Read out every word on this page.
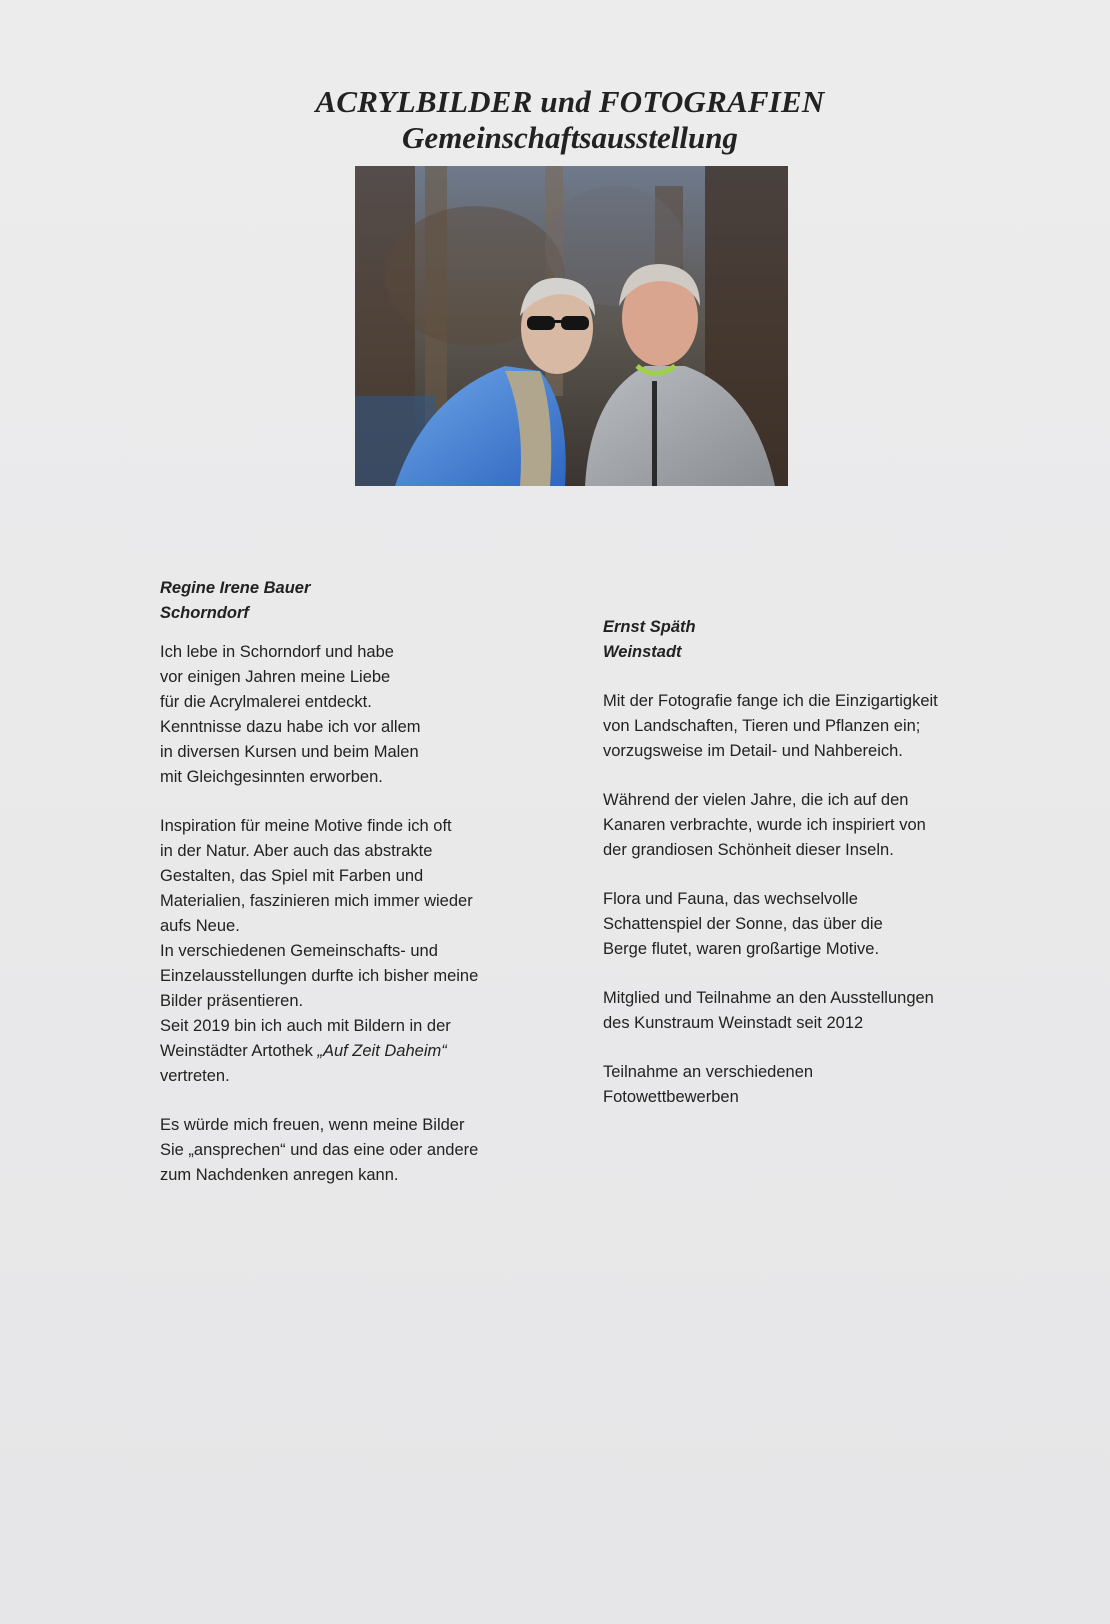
ACRYLBILDER und FOTOGRAFIEN
Gemeinschaftsausstellung
Regine Irene Bauer
Schorndorf
Ich lebe in Schorndorf und habe
vor einigen Jahren meine Liebe
für die Acrylmalerei entdeckt.
Kenntnisse dazu habe ich vor allem
in diversen Kursen und beim Malen
mit Gleichgesinnten erworben.
Inspiration für meine Motive finde ich oft
in der Natur. Aber auch das abstrakte
Gestalten, das Spiel mit Farben und
Materialien, faszinieren mich immer wieder
aufs Neue.
In verschiedenen Gemeinschafts- und
Einzelausstellungen durfte ich bisher meine
Bilder präsentieren.
Seit 2019 bin ich auch mit Bildern in der
Weinstädter Artothek „Auf Zeit Daheim“
vertreten.
Es würde mich freuen, wenn meine Bilder
Sie „ansprechen“ und das eine oder andere
zum Nachdenken anregen kann.
Ernst Späth
Weinstadt
Mit der Fotografie fange ich die Einzigartigkeit
von Landschaften, Tieren und Pflanzen ein;
vorzugsweise im Detail- und Nahbereich.
Während der vielen Jahre, die ich auf den
Kanaren verbrachte, wurde ich inspiriert von
der grandiosen Schönheit dieser Inseln.
Flora und Fauna, das wechselvolle
Schattenspiel der Sonne, das über die
Berge flutet, waren großartige Motive.
Mitglied und Teilnahme an den Ausstellungen
des Kunstraum Weinstadt seit 2012
Teilnahme an verschiedenen
Fotowettbewerben
